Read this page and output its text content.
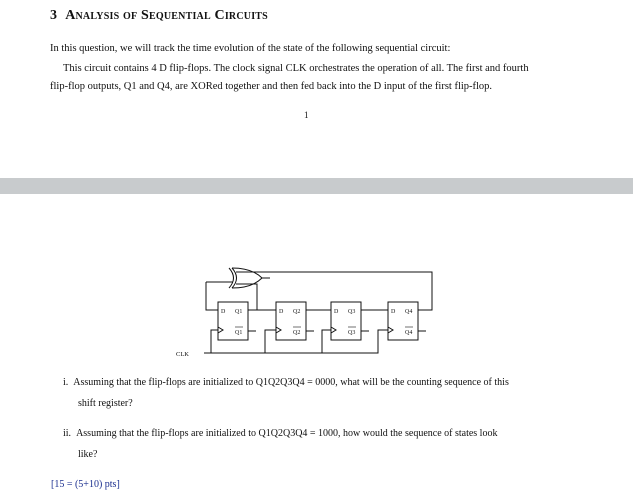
3 Analysis of Sequential Circuits
In this question, we will track the time evolution of the state of the following sequential circuit:
This circuit contains 4 D flip-flops. The clock signal CLK orchestrates the operation of all. The first and fourth
flip-flop outputs, Q1 and Q4, are XORed together and then fed back into the D input of the first flip-flop.
1
CLK
D Q1
Q1
D Q2
Q2
D Q3
Q3
D Q4
Q4
i. Assuming that the flip-flops are initialized to Q1Q2Q3Q4 = 0000, what will be the counting sequence of this
shift register?
ii. Assuming that the flip-flops are initialized to Q1Q2Q3Q4 = 1000, how would the sequence of states look
like?
[15 = (5+10) pts]
